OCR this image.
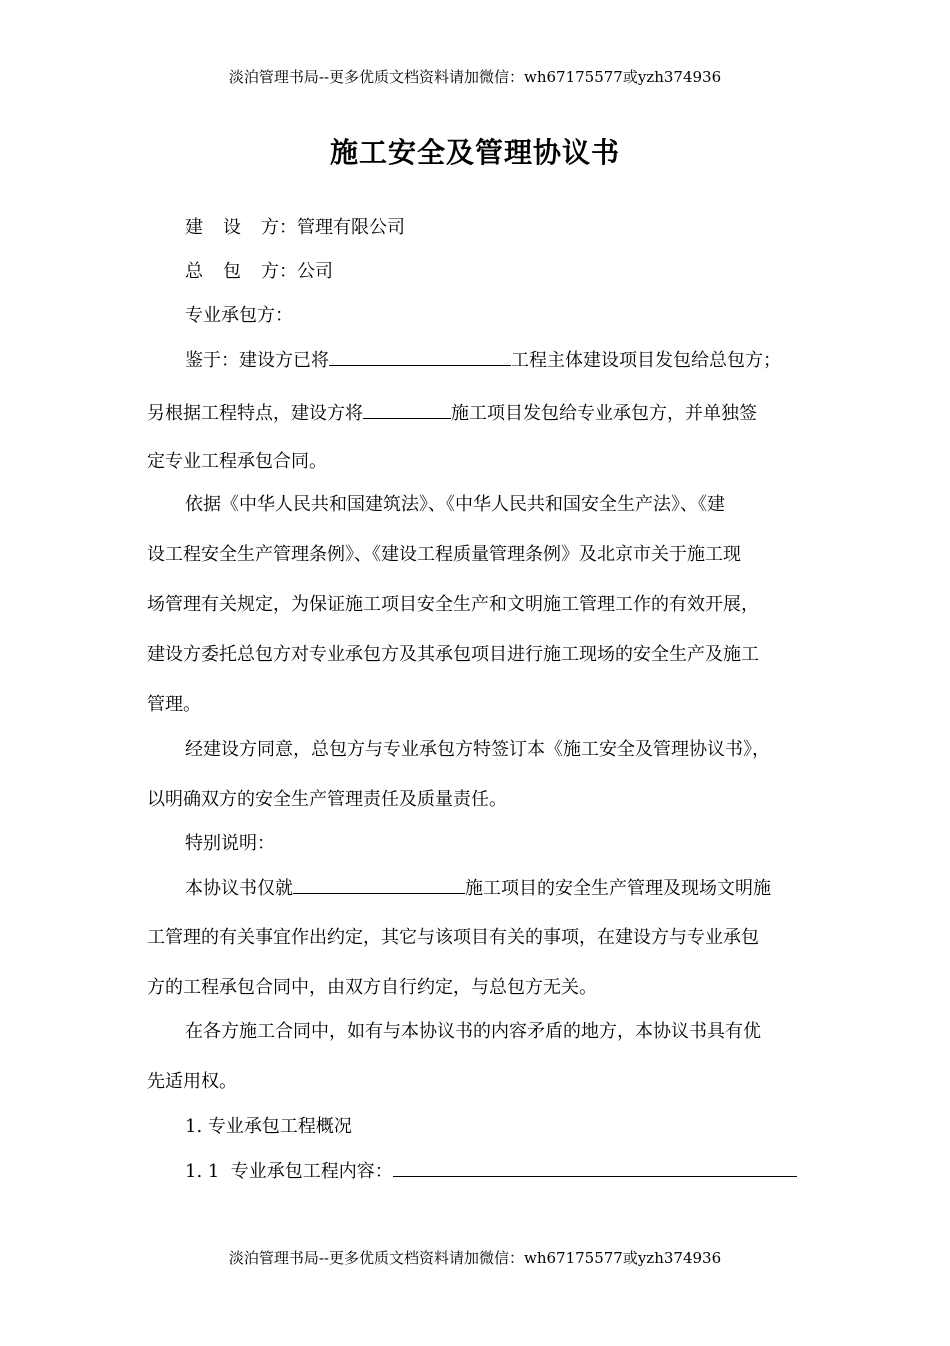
淡泊管理书局--更多优质文档资料请加微信：wh67175577或yzh374936
施工安全及管理协议书
建 设 方：管理有限公司
总 包 方：公司
专业承包方：
鉴于：建设方已将	工程主体建设项目发包给总包方；
另根据工程特点，建设方将	施工项目发包给专业承包方，并单独签
定专业工程承包合同。
依据《中华人民共和国建筑法》、《中华人民共和国安全生产法》、《建
设工程安全生产管理条例》、《建设工程质量管理条例》及北京市关于施工现
场管理有关规定，为保证施工项目安全生产和文明施工管理工作的有效开展，
建设方委托总包方对专业承包方及其承包项目进行施工现场的安全生产及施工
管理。
经建设方同意，总包方与专业承包方特签订本《施工安全及管理协议书》，
以明确双方的安全生产管理责任及质量责任。
特别说明：
本协议书仅就	施工项目的安全生产管理及现场文明施
工管理的有关事宜作出约定，其它与该项目有关的事项，在建设方与专业承包
方的工程承包合同中，由双方自行约定，与总包方无关。
在各方施工合同中，如有与本协议书的内容矛盾的地方，本协议书具有优
先适用权。
1. 专业承包工程概况
1. 1  专业承包工程内容：
淡泊管理书局--更多优质文档资料请加微信：wh67175577或yzh374936
